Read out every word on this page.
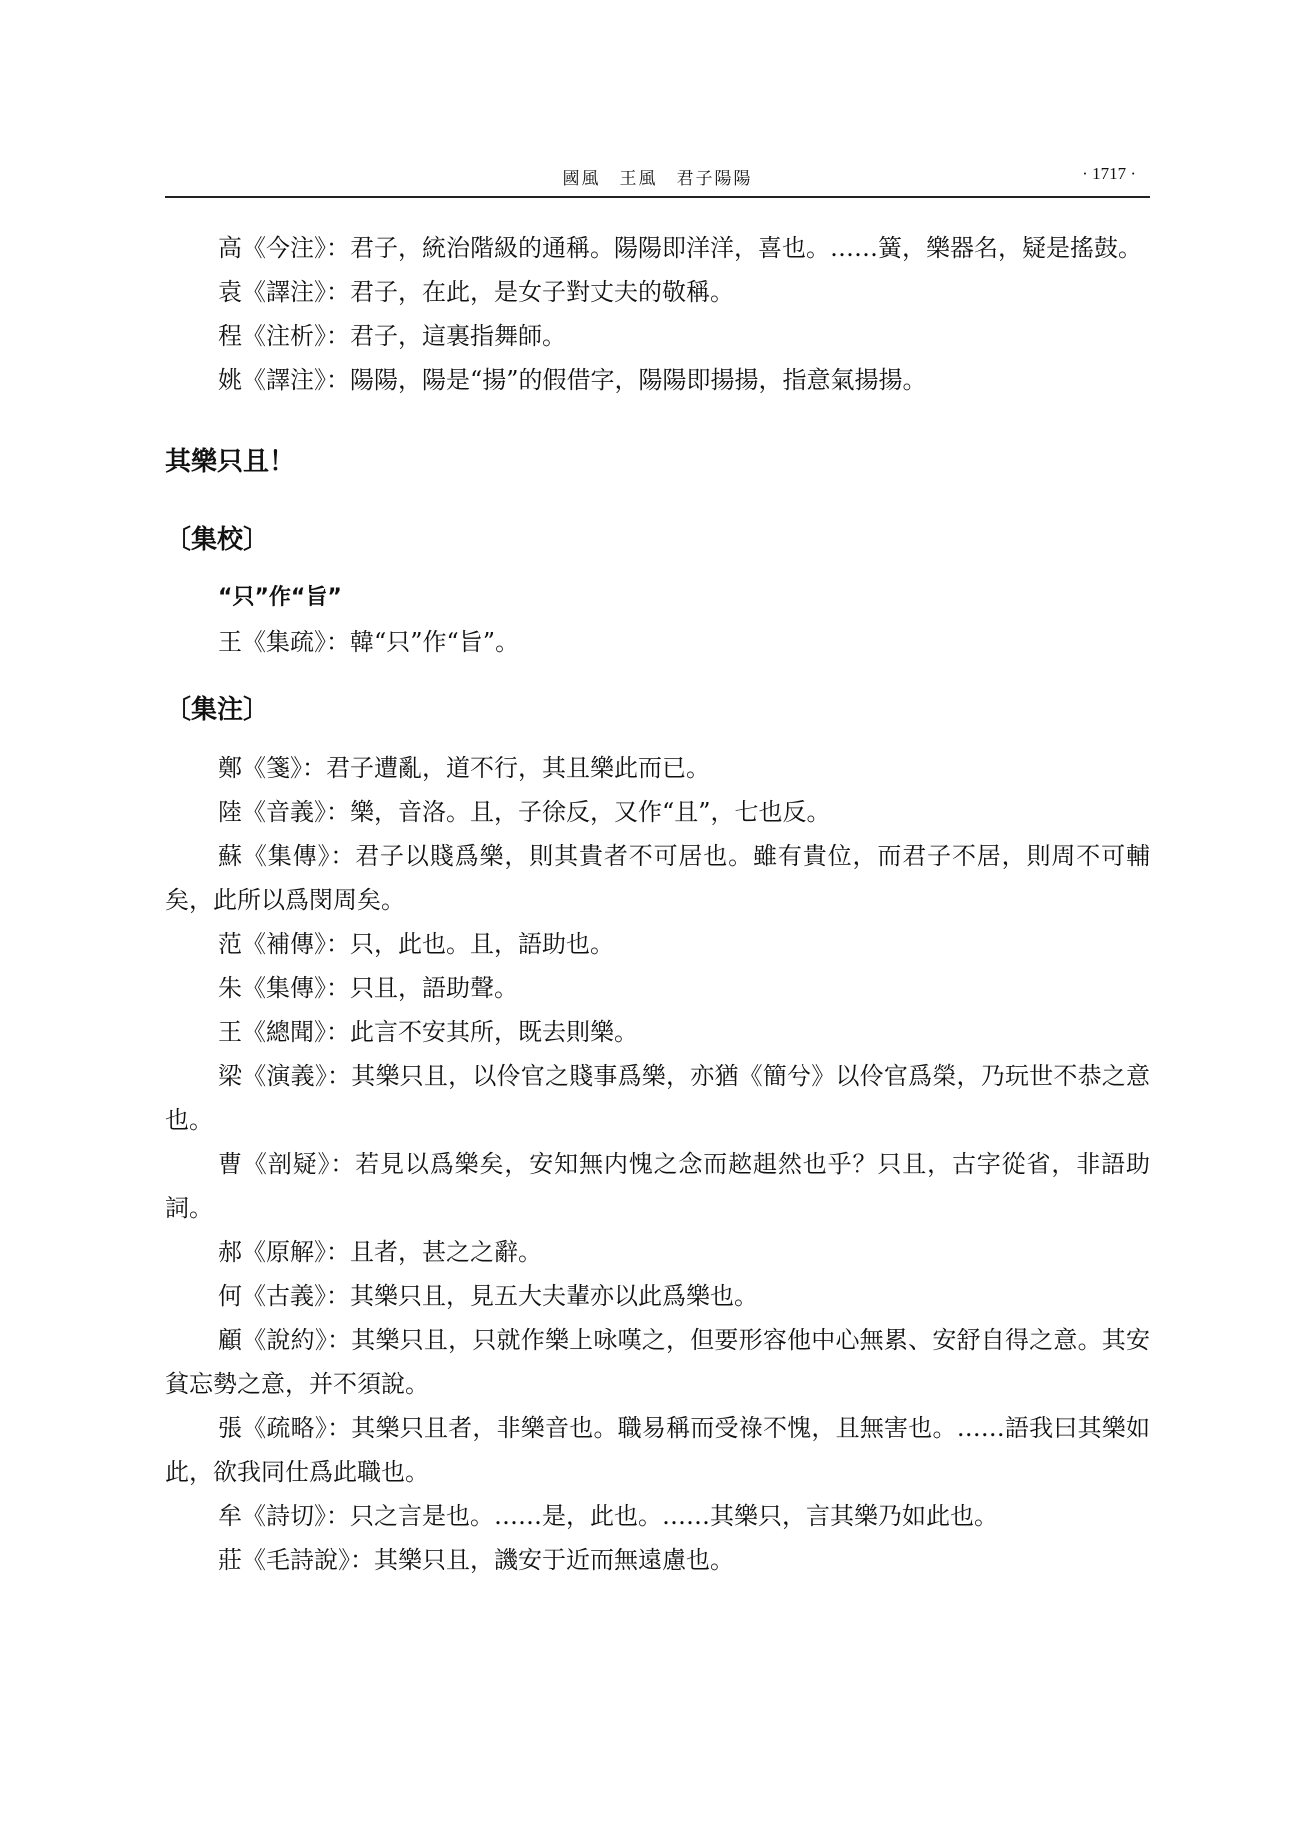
國風　王風　君子陽陽	· 1717 ·

高《今注》：君子，統治階級的通稱。陽陽即洋洋，喜也。……簧，樂器名，疑是搖鼓。

袁《譯注》：君子，在此，是女子對丈夫的敬稱。

程《注析》：君子，這裏指舞師。

姚《譯注》：陽陽，陽是“揚”的假借字，陽陽即揚揚，指意氣揚揚。

其樂只且！
〔集校〕

“只”作“旨”

王《集疏》：韓“只”作“旨”。

〔集注〕

鄭《箋》：君子遭亂，道不行，其且樂此而已。

陸《音義》：樂，音洛。且，子徐反，又作“且”，七也反。

蘇《集傳》：君子以賤爲樂，則其貴者不可居也。雖有貴位，而君子不居，則周不可輔矣，此所以爲閔周矣。

范《補傳》：只，此也。且，語助也。

朱《集傳》：只且，語助聲。

王《總聞》：此言不安其所，既去則樂。

梁《演義》：其樂只且，以伶官之賤事爲樂，亦猶《簡兮》以伶官爲榮，乃玩世不恭之意也。

曹《剖疑》：若見以爲樂矣，安知無内愧之念而趑趄然也乎？只且，古字從省，非語助詞。

郝《原解》：且者，甚之之辭。

何《古義》：其樂只且，見五大夫輩亦以此爲樂也。

顧《說約》：其樂只且，只就作樂上咏嘆之，但要形容他中心無累、安舒自得之意。其安貧忘勢之意，并不須說。

張《疏略》：其樂只且者，非樂音也。職易稱而受祿不愧，且無害也。……語我曰其樂如此，欲我同仕爲此職也。

牟《詩切》：只之言是也。……是，此也。……其樂只，言其樂乃如此也。

莊《毛詩說》：其樂只且，譏安于近而無遠慮也。
